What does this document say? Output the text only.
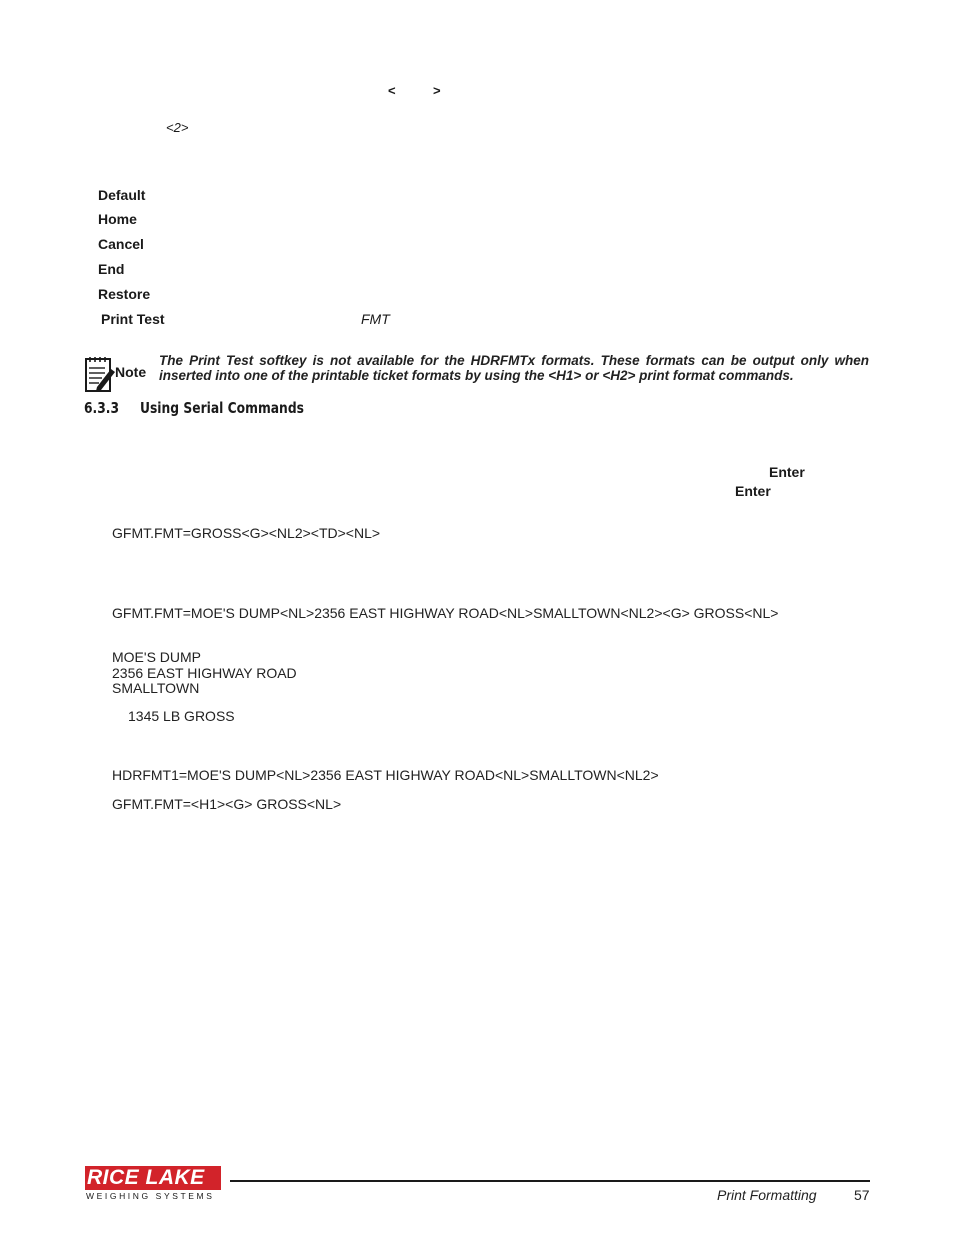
<	>
<2>
Default
Home
Cancel
End
Restore
Print Test	FMT
Note
The Print Test softkey is not available for the HDRFMTx formats. These formats can be output only when inserted into one of the printable ticket formats by using the <H1> or <H2> print format commands.
6.3.3 Using Serial Commands
Enter
Enter
GFMT.FMT=GROSS<G><NL2><TD><NL>
GFMT.FMT=MOE'S DUMP<NL>2356 EAST HIGHWAY ROAD<NL>SMALLTOWN<NL2><G> GROSS<NL>
MOE'S DUMP
2356 EAST HIGHWAY ROAD
SMALLTOWN
1345 LB GROSS
HDRFMT1=MOE'S DUMP<NL>2356 EAST HIGHWAY ROAD<NL>SMALLTOWN<NL2>
GFMT.FMT=<H1><G> GROSS<NL>
RICE LAKE
WEIGHING SYSTEMS	Print Formatting	57
